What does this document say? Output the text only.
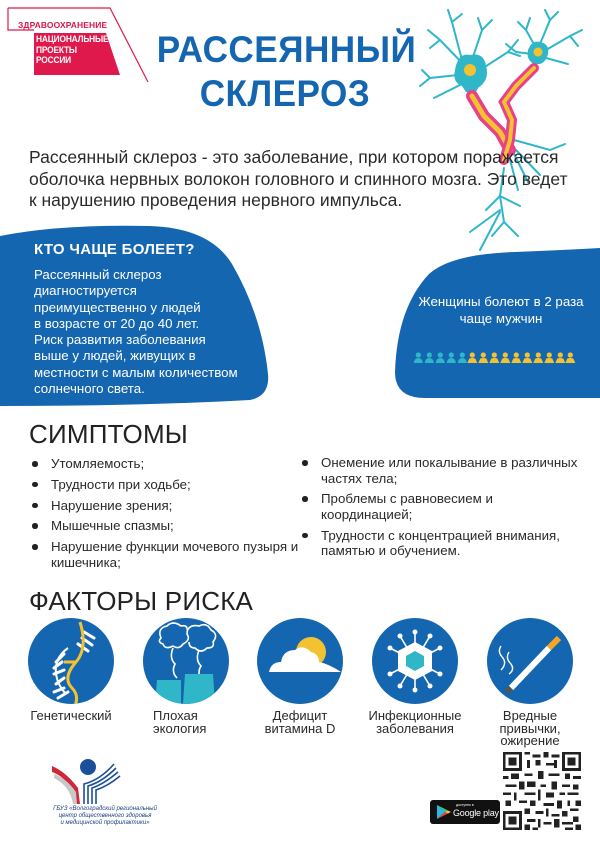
ЗДРАВООХРАНЕНИЕ
НАЦИОНАЛЬНЫЕ
ПРОЕКТЫ
РОССИИ	РАССЕЯННЫЙ
СКЛЕРОЗ
Рассеянный склероз - это заболевание, при котором поражается оболочка нервных волокон головного и спинного мозга. Это ведет к нарушению проведения нервного импульса.
КТО ЧАЩЕ БОЛЕЕТ?
Рассеянный склероз
диагностируется
преимущественно у людей
в возрасте от 20 до 40 лет.
Риск развития заболевания
выше у людей, живущих в
местности с малым количеством
солнечного света.
Женщины болеют в 2 раза
чаще мужчин
СИМПТОМЫ
Утомляемость;
Трудности при ходьбе;
Нарушение зрения;
Мышечные спазмы;
Нарушение функции мочевого пузыря и кишечника;
Онемение или покалывание в различных частях тела;
Проблемы с равновесием и координацией;
Трудности с концентрацией внимания, памятью и обучением.
ФАКТОРЫ РИСКА
Генетический	Плохая экология
Дефицит витамина D
Инфекционные заболевания
Вредные привычки, ожирение
ГБУЗ «Волгоградский региональный
центр общественного здоровья
и медицинской профилактики»
доступно в
Google play
